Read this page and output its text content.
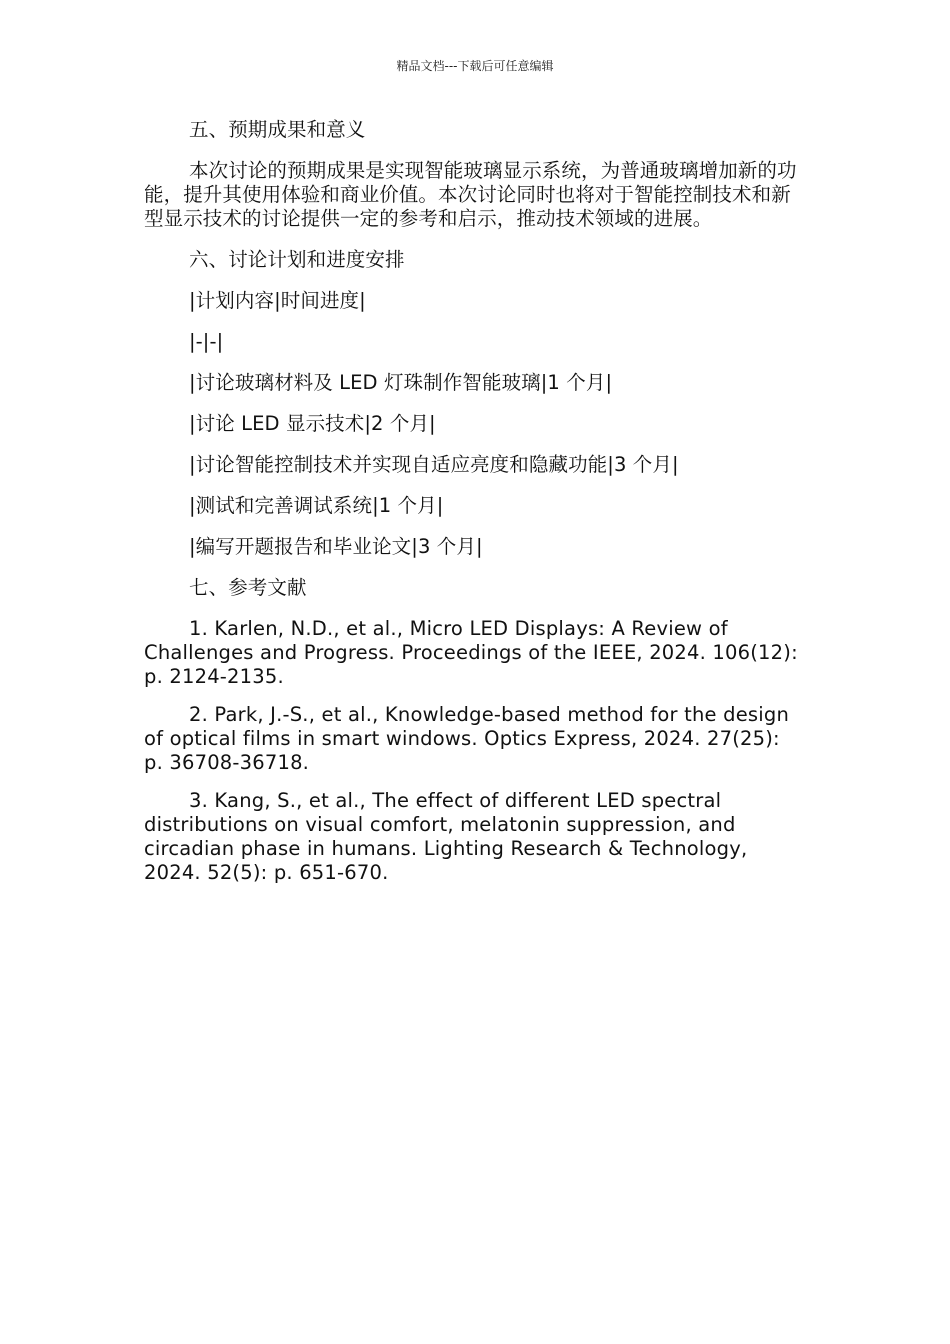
精品文档---下载后可任意编辑

五、预期成果和意义

本次讨论的预期成果是实现智能玻璃显示系统，为普通玻璃增加新的功能，提升其使用体验和商业价值。本次讨论同时也将对于智能控制技术和新型显示技术的讨论提供一定的参考和启示，推动技术领域的进展。

六、讨论计划和进度安排

|计划内容|时间进度|

|-|-|

|讨论玻璃材料及 LED 灯珠制作智能玻璃|1 个月|

|讨论 LED 显示技术|2 个月|

|讨论智能控制技术并实现自适应亮度和隐藏功能|3 个月|

|测试和完善调试系统|1 个月|

|编写开题报告和毕业论文|3 个月|

七、参考文献

1. Karlen, N.D., et al., Micro LED Displays: A Review of Challenges and Progress. Proceedings of the IEEE, 2024. 106(12): p. 2124-2135.

2. Park, J.-S., et al., Knowledge-based method for the design of optical films in smart windows. Optics Express, 2024. 27(25): p. 36708-36718.

3. Kang, S., et al., The effect of different LED spectral distributions on visual comfort, melatonin suppression, and circadian phase in humans. Lighting Research & Technology, 2024. 52(5): p. 651-670.
